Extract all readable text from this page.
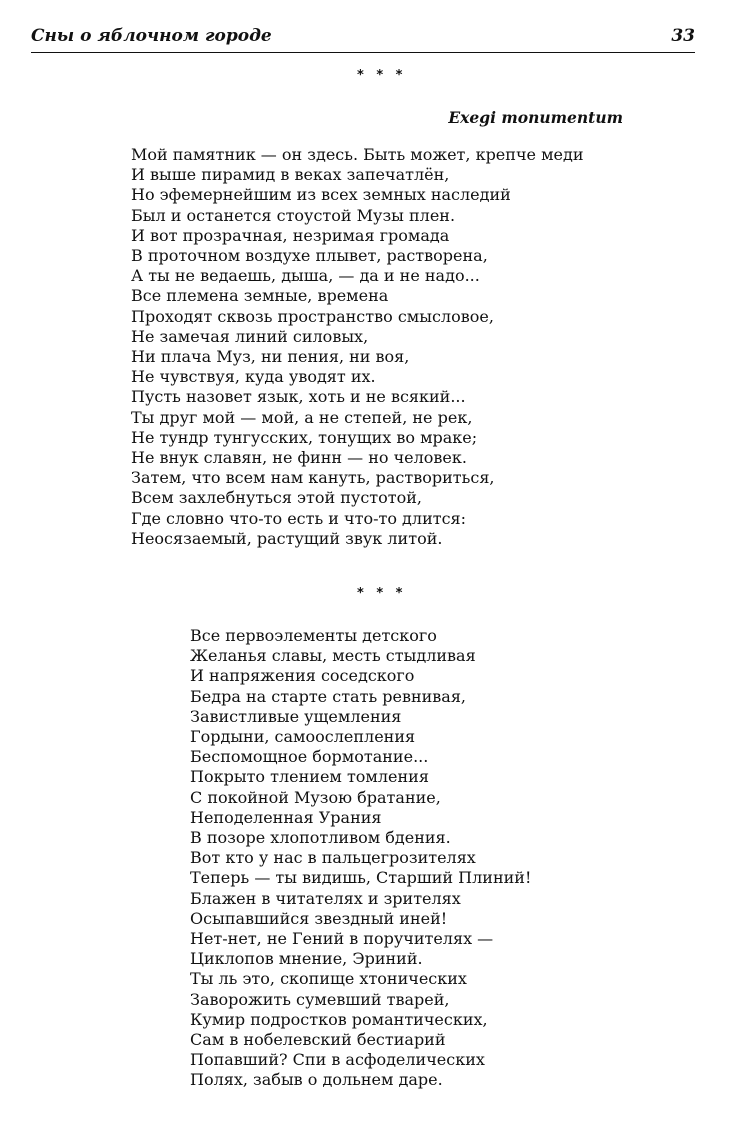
Сны о яблочном городе	33
* * *
Exegi monumentum
Мой памятник — он здесь. Быть может, крепче меди
И выше пирамид в веках запечатлён,
Но эфемернейшим из всех земных наследий
Был и останется стоустой Музы плен.
И вот прозрачная, незримая громада
В проточном воздухе плывет, растворена,
А ты не ведаешь, дыша, — да и не надо...
Все племена земные, времена
Проходят сквозь пространство смысловое,
Не замечая линий силовых,
Ни плача Муз, ни пения, ни воя,
Не чувствуя, куда уводят их.
Пусть назовет язык, хоть и не всякий...
Ты друг мой — мой, а не степей, не рек,
Не тундр тунгусских, тонущих во мраке;
Не внук славян, не финн — но человек.
Затем, что всем нам кануть, раствориться,
Всем захлебнуться этой пустотой,
Где словно что-то есть и что-то длится:
Неосязаемый, растущий звук литой.
* * *
Все первоэлементы детского
Желанья славы, месть стыдливая
И напряжения соседского
Бедра на старте стать ревнивая,
Завистливые ущемления
Гордыни, самоослепления
Беспомощное бормотание...
Покрыто тлением томления
С покойной Музою братание,
Неподеленная Урания
В позоре хлопотливом бдения.
Вот кто у нас в пальцегрозителях
Теперь — ты видишь, Старший Плиний!
Блажен в читателях и зрителях
Осыпавшийся звездный иней!
Нет-нет, не Гений в поручителях —
Циклопов мнение, Эриний.
Ты ль это, скопище хтонических
Заворожить сумевший тварей,
Кумир подростков романтических,
Сам в нобелевский бестиарий
Попавший? Спи в асфоделических
Полях, забыв о дольнем даре.
